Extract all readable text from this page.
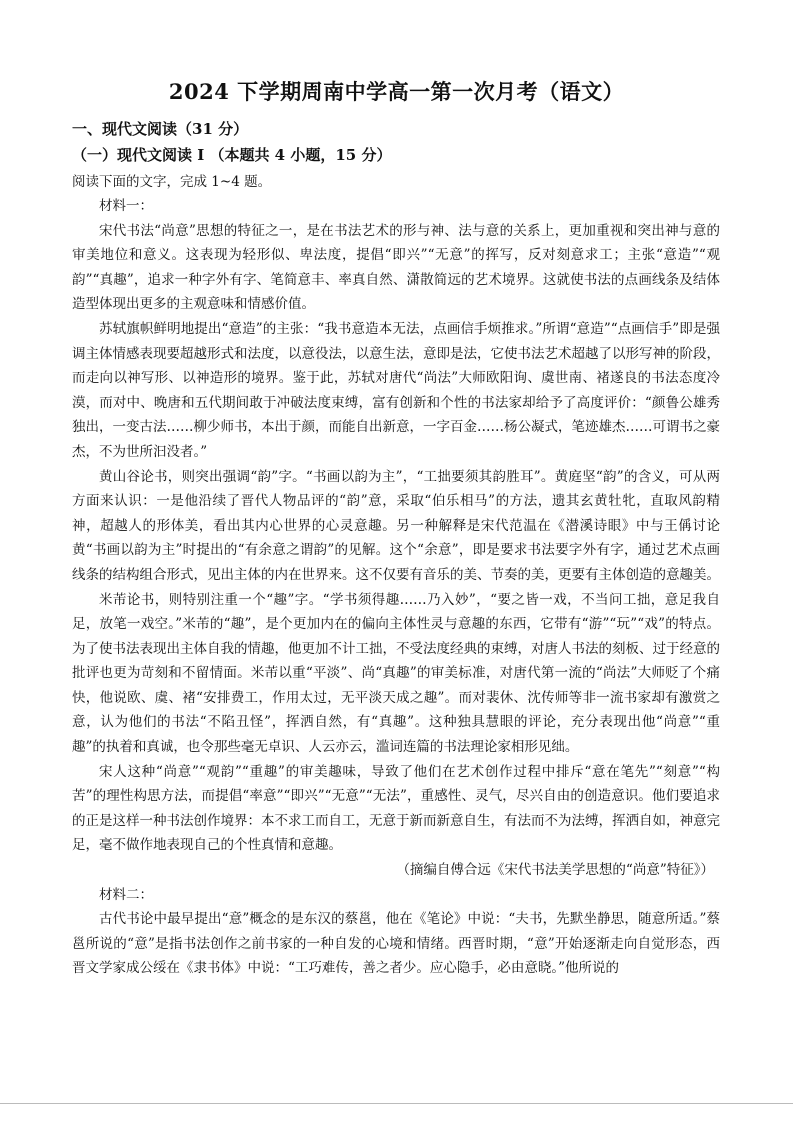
2024 下学期周南中学高一第一次月考（语文）
一、现代文阅读（31 分）
（一）现代文阅读 I （本题共 4 小题，15 分）
阅读下面的文字，完成 1~4 题。

材料一：

宋代书法“尚意”思想的特征之一，是在书法艺术的形与神、法与意的关系上，更加重视和突出神与意的审美地位和意义。这表现为轻形似、卑法度，提倡“即兴”“无意”的挥写，反对刻意求工；主张“意造”“观韵”“真趣”，追求一种字外有字、笔简意丰、率真自然、潇散简远的艺术境界。这就使书法的点画线条及结体造型体现出更多的主观意味和情感价值。

苏轼旗帜鲜明地提出“意造”的主张：“我书意造本无法，点画信手烦推求。”所谓“意造”“点画信手”即是强调主体情感表现要超越形式和法度，以意役法，以意生法，意即是法，它使书法艺术超越了以形写神的阶段，而走向以神写形、以神造形的境界。鉴于此，苏轼对唐代“尚法”大师欧阳询、虞世南、褚遂良的书法态度冷漠，而对中、晚唐和五代期间敢于冲破法度束缚，富有创新和个性的书法家却给予了高度评价：“颜鲁公雄秀独出，一变古法……柳少师书，本出于颜，而能自出新意，一字百金……杨公凝式，笔迹雄杰……可谓书之豪杰，不为世所汩没者。”

黄山谷论书，则突出强调“韵”字。“书画以韵为主”，“工拙要须其韵胜耳”。黄庭坚“韵”的含义，可从两方面来认识：一是他沿续了晋代人物品评的“韵”意，采取“伯乐相马”的方法，遗其玄黄牡牝，直取风韵精神，超越人的形体美，看出其内心世界的心灵意趣。另一种解释是宋代范温在《潜溪诗眼》中与王偁讨论黄“书画以韵为主”时提出的“有余意之谓韵”的见解。这个“余意”，即是要求书法要字外有字，通过艺术点画线条的结构组合形式，见出主体的内在世界来。这不仅要有音乐的美、节奏的美，更要有主体创造的意趣美。

米芾论书，则特别注重一个“趣”字。“学书须得趣……乃入妙”，“要之皆一戏，不当问工拙，意足我自足，放笔一戏空。”米芾的“趣”，是个更加内在的偏向主体性灵与意趣的东西，它带有“游”“玩”“戏”的特点。为了使书法表现出主体自我的情趣，他更加不计工拙，不受法度经典的束缚，对唐人书法的刻板、过于经意的批评也更为苛刻和不留情面。米芾以重“平淡”、尚“真趣”的审美标准，对唐代第一流的“尚法”大师贬了个痛快，他说欧、虞、褚“安排费工，作用太过，无平淡天成之趣”。而对裴休、沈传师等非一流书家却有激赏之意，认为他们的书法“不陷丑怪”，挥洒自然，有“真趣”。这种独具慧眼的评论，充分表现出他“尚意”“重趣”的执着和真诚，也令那些毫无卓识、人云亦云，滥词连篇的书法理论家相形见绌。

宋人这种“尚意”“观韵”“重趣”的审美趣味，导致了他们在艺术创作过程中排斥“意在笔先”“刻意”“构苦”的理性构思方法，而提倡“率意”“即兴”“无意”“无法”，重感性、灵气，尽兴自由的创造意识。他们要追求的正是这样一种书法创作境界：本不求工而自工，无意于新而新意自生，有法而不为法缚，挥洒自如，神意完足，毫不做作地表现自己的个性真情和意趣。

（摘编自傅合远《宋代书法美学思想的“尚意”特征》）

材料二：

古代书论中最早提出“意”概念的是东汉的蔡邕，他在《笔论》中说：“夫书，先默坐静思，随意所适。”蔡邕所说的“意”是指书法创作之前书家的一种自发的心境和情绪。西晋时期，“意”开始逐渐走向自觉形态，西晋文学家成公绥在《隶书体》中说：“工巧难传，善之者少。应心隐手，必由意晓。”他所说的
